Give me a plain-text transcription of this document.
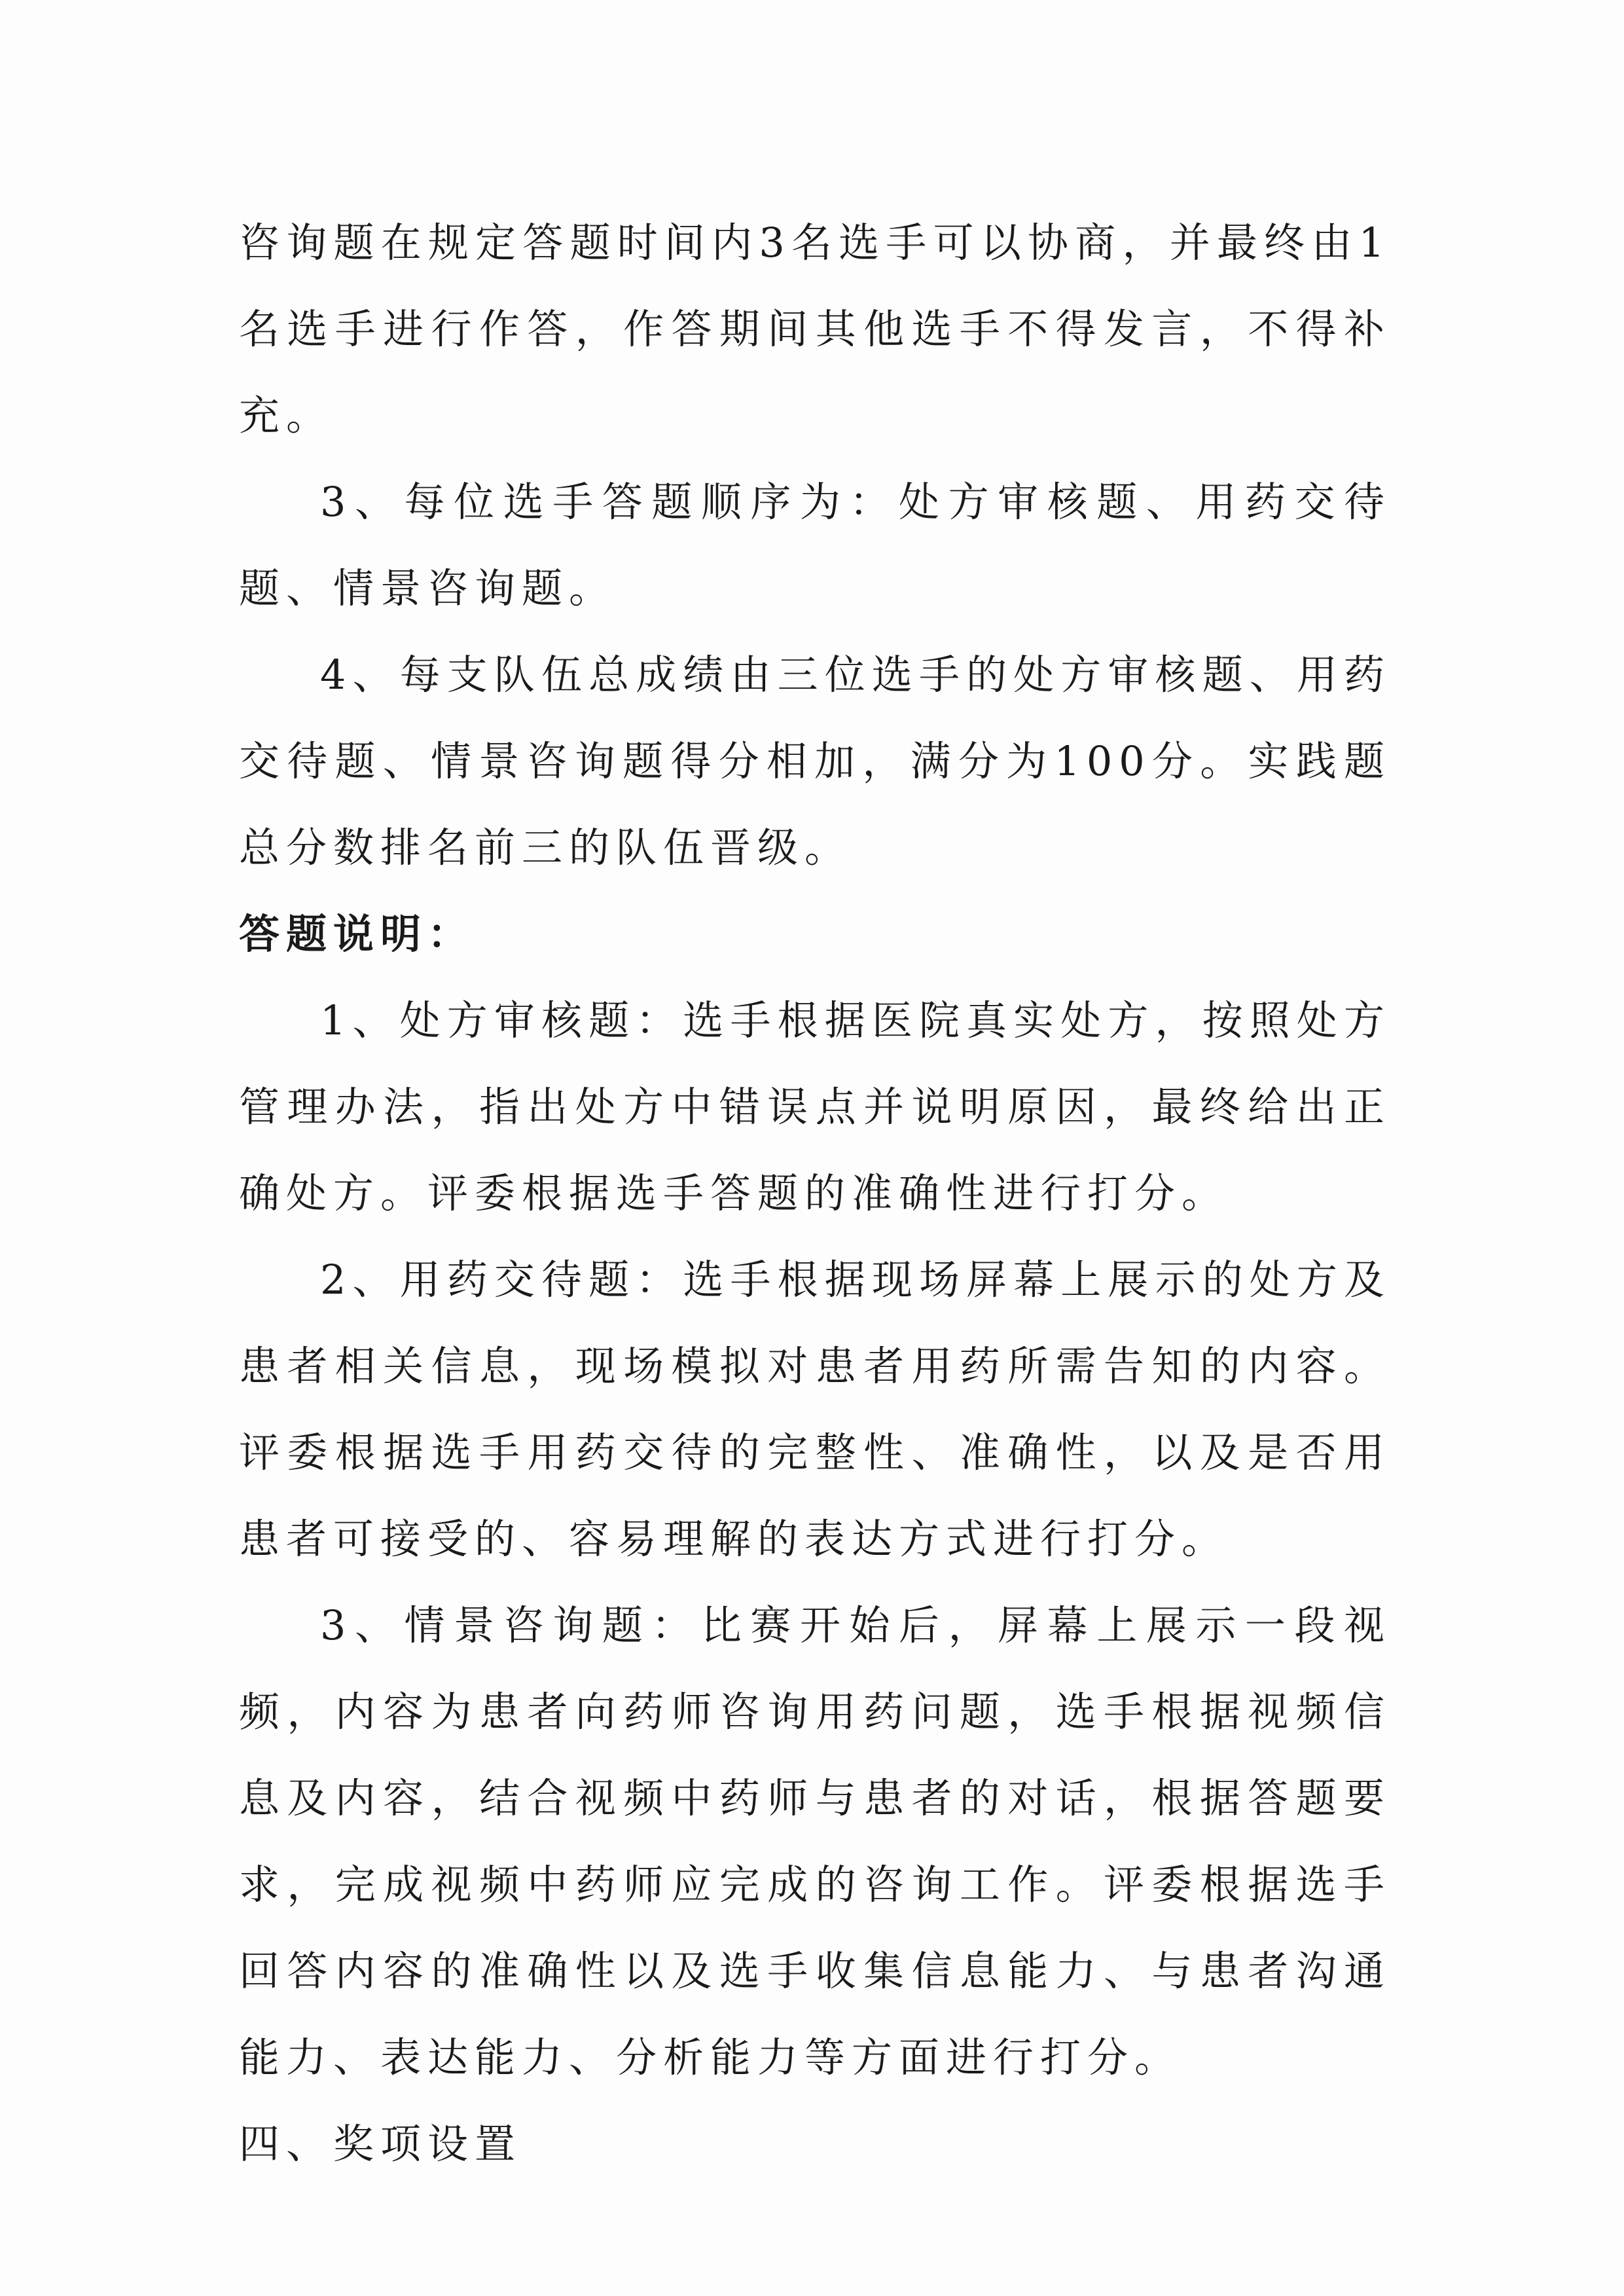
咨询题在规定答题时间内3名选手可以协商，并最终由1名选手进行作答，作答期间其他选手不得发言，不得补充。

3、每位选手答题顺序为：处方审核题、用药交待题、情景咨询题。

4、每支队伍总成绩由三位选手的处方审核题、用药交待题、情景咨询题得分相加，满分为100分。实践题总分数排名前三的队伍晋级。

答题说明：

1、处方审核题：选手根据医院真实处方，按照处方管理办法，指出处方中错误点并说明原因，最终给出正确处方。评委根据选手答题的准确性进行打分。

2、用药交待题：选手根据现场屏幕上展示的处方及患者相关信息，现场模拟对患者用药所需告知的内容。评委根据选手用药交待的完整性、准确性，以及是否用患者可接受的、容易理解的表达方式进行打分。

3、情景咨询题：比赛开始后，屏幕上展示一段视频，内容为患者向药师咨询用药问题，选手根据视频信息及内容，结合视频中药师与患者的对话，根据答题要求，完成视频中药师应完成的咨询工作。评委根据选手回答内容的准确性以及选手收集信息能力、与患者沟通能力、表达能力、分析能力等方面进行打分。

四、奖项设置
